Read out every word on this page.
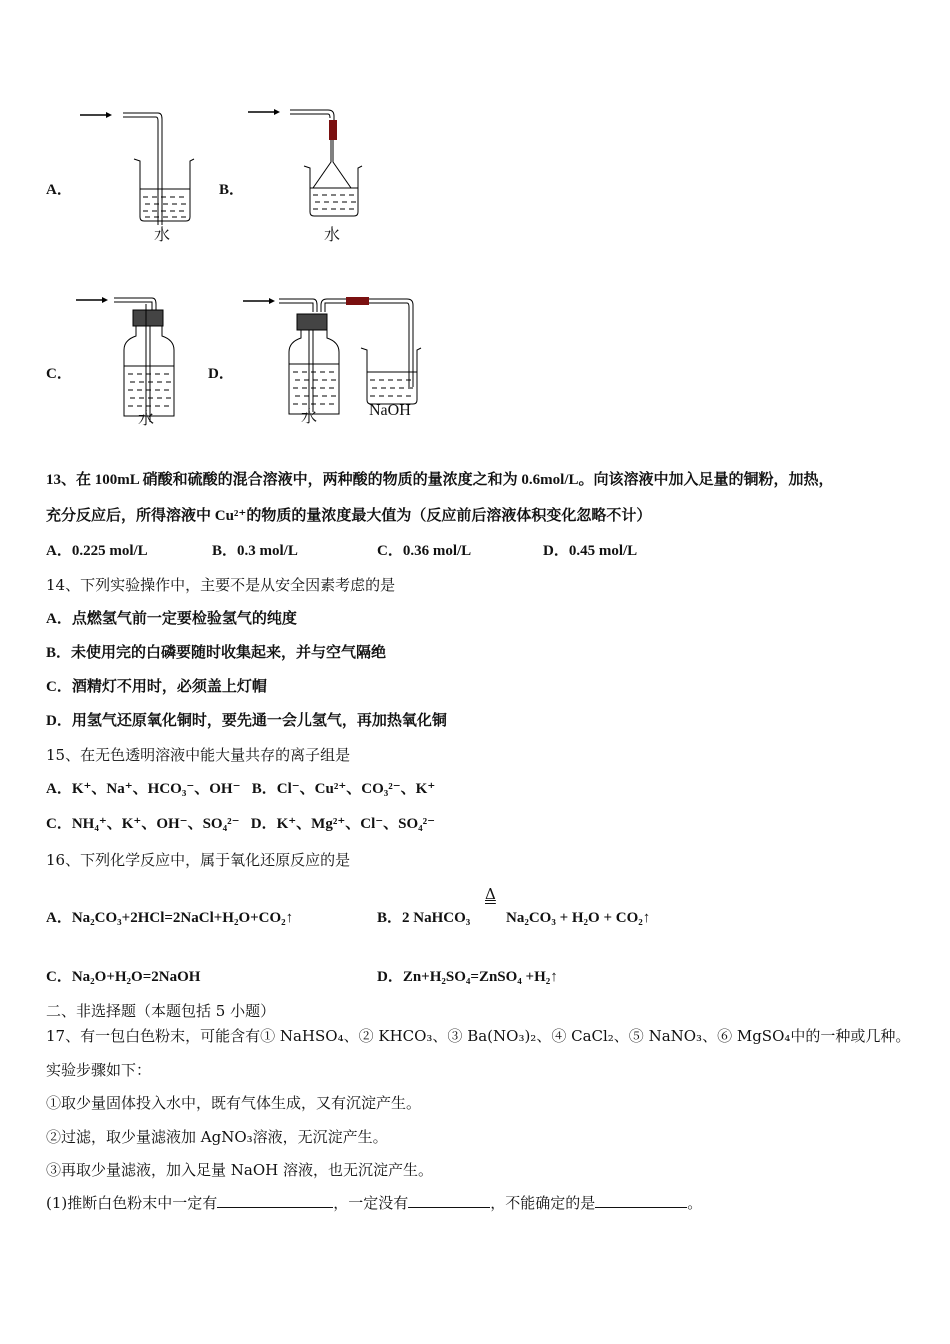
A．
水
B．
水
C．
水
D．
水	NaOH
13、在 100mL 硝酸和硫酸的混合溶液中，两种酸的物质的量浓度之和为 0.6mol/L。向该溶液中加入足量的铜粉，加热，
充分反应后，所得溶液中 Cu²⁺的物质的量浓度最大值为（反应前后溶液体积变化忽略不计）
A．0.225 mol/L	B．0.3 mol/L	C．0.36 mol/L	D．0.45 mol/L
14、下列实验操作中，主要不是从安全因素考虑的是
A．点燃氢气前一定要检验氢气的纯度
B．未使用完的白磷要随时收集起来，并与空气隔绝
C．酒精灯不用时，必须盖上灯帽
D．用氢气还原氧化铜时，要先通一会儿氢气，再加热氧化铜
15、在无色透明溶液中能大量共存的离子组是
A．K⁺、Na⁺、HCO₃⁻、OH⁻   B．Cl⁻、Cu²⁺、CO₃²⁻、K⁺
C．NH₄⁺、K⁺、OH⁻、SO₄²⁻   D．K⁺、Mg²⁺、Cl⁻、SO₄²⁻
16、下列化学反应中，属于氧化还原反应的是
A．Na₂CO₃+2HCl=2NaCl+H₂O+CO₂↑	B．2 NaHCO₃
Δ
Na₂CO₃ + H₂O + CO₂↑
C．Na₂O+H₂O=2NaOH	D．Zn+H₂SO₄=ZnSO₄ +H₂↑
二、非选择题（本题包括 5 小题）
17、有一包白色粉末，可能含有① NaHSO₄、② KHCO₃、③ Ba(NO₃)₂、④ CaCl₂、⑤ NaNO₃、⑥ MgSO₄中的一种或几种。
实验步骤如下：
①取少量固体投入水中，既有气体生成，又有沉淀产生。
②过滤，取少量滤液加 AgNO₃溶液，无沉淀产生。
③再取少量滤液，加入足量 NaOH 溶液，也无沉淀产生。
(1)推断白色粉末中一定有	，一定没有	，不能确定的是	。
